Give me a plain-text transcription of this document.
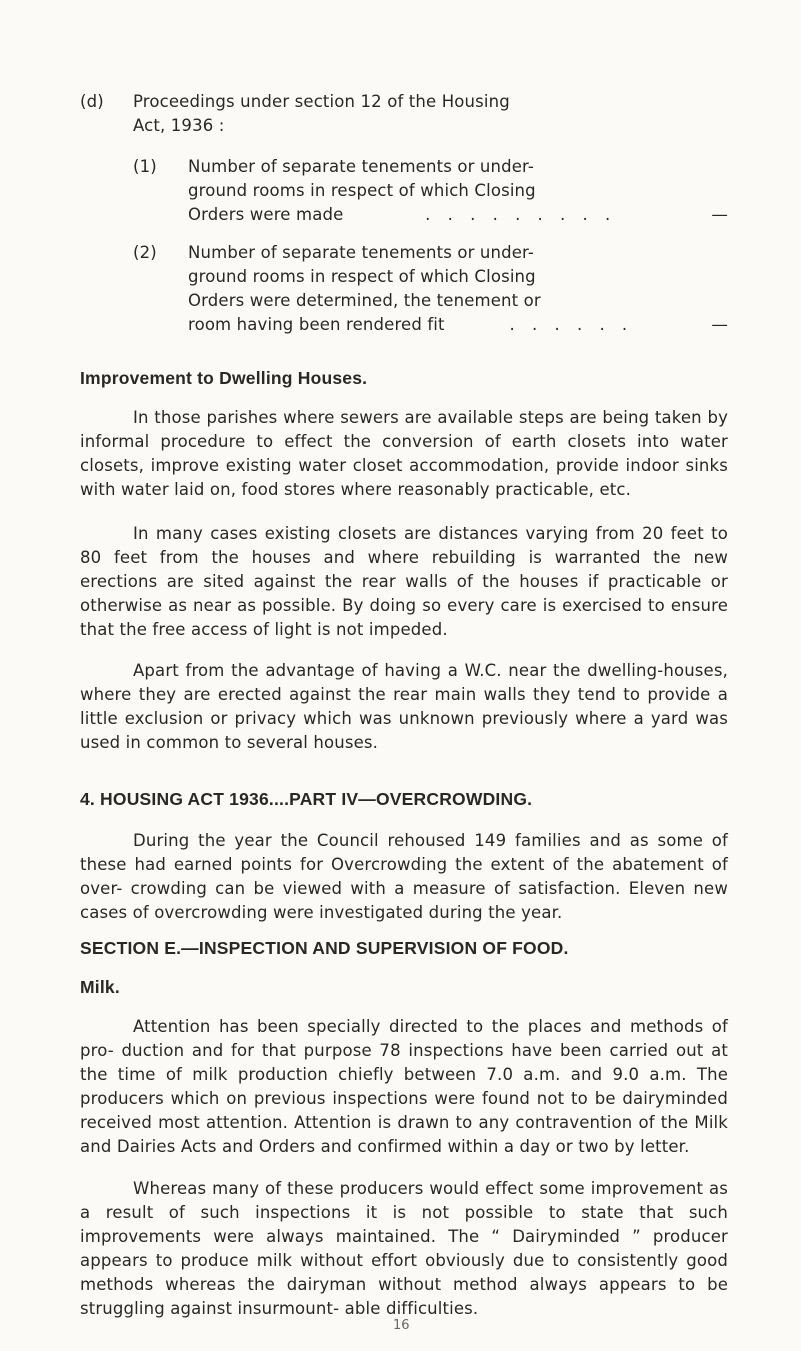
(d) Proceedings under section 12 of the Housing
Act, 1936 :
(1) Number of separate tenements or under-
ground rooms in respect of which Closing
Orders were made	. . . . . . . . .	—
(2) Number of separate tenements or under-
ground rooms in respect of which Closing
Orders were determined, the tenement or
room having been rendered fit	. . . . . .	—
Improvement to Dwelling Houses.

In those parishes where sewers are available steps are being taken by informal procedure to effect the conversion of earth closets into water closets, improve existing water closet accommodation, provide indoor sinks with water laid on, food stores where reasonably practicable, etc.

In many cases existing closets are distances varying from 20 feet to 80 feet from the houses and where rebuilding is warranted the new erections are sited against the rear walls of the houses if practicable or otherwise as near as possible. By doing so every care is exercised to ensure that the free access of light is not impeded.

Apart from the advantage of having a W.C. near the dwelling-houses, where they are erected against the rear main walls they tend to provide a little exclusion or privacy which was unknown previously where a yard was used in common to several houses.

4. HOUSING ACT 1936....PART IV—OVERCROWDING.

During the year the Council rehoused 149 families and as some of these had earned points for Overcrowding the extent of the abatement of over- crowding can be viewed with a measure of satisfaction. Eleven new cases of overcrowding were investigated during the year.

SECTION E.—INSPECTION AND SUPERVISION OF FOOD.
Milk.

Attention has been specially directed to the places and methods of pro- duction and for that purpose 78 inspections have been carried out at the time of milk production chiefly between 7.0 a.m. and 9.0 a.m. The producers which on previous inspections were found not to be dairyminded received most attention. Attention is drawn to any contravention of the Milk and Dairies Acts and Orders and confirmed within a day or two by letter.

Whereas many of these producers would effect some improvement as a result of such inspections it is not possible to state that such improvements were always maintained. The “ Dairyminded ” producer appears to produce milk without effort obviously due to consistently good methods whereas the dairyman without method always appears to be struggling against insurmount- able difficulties.

16
